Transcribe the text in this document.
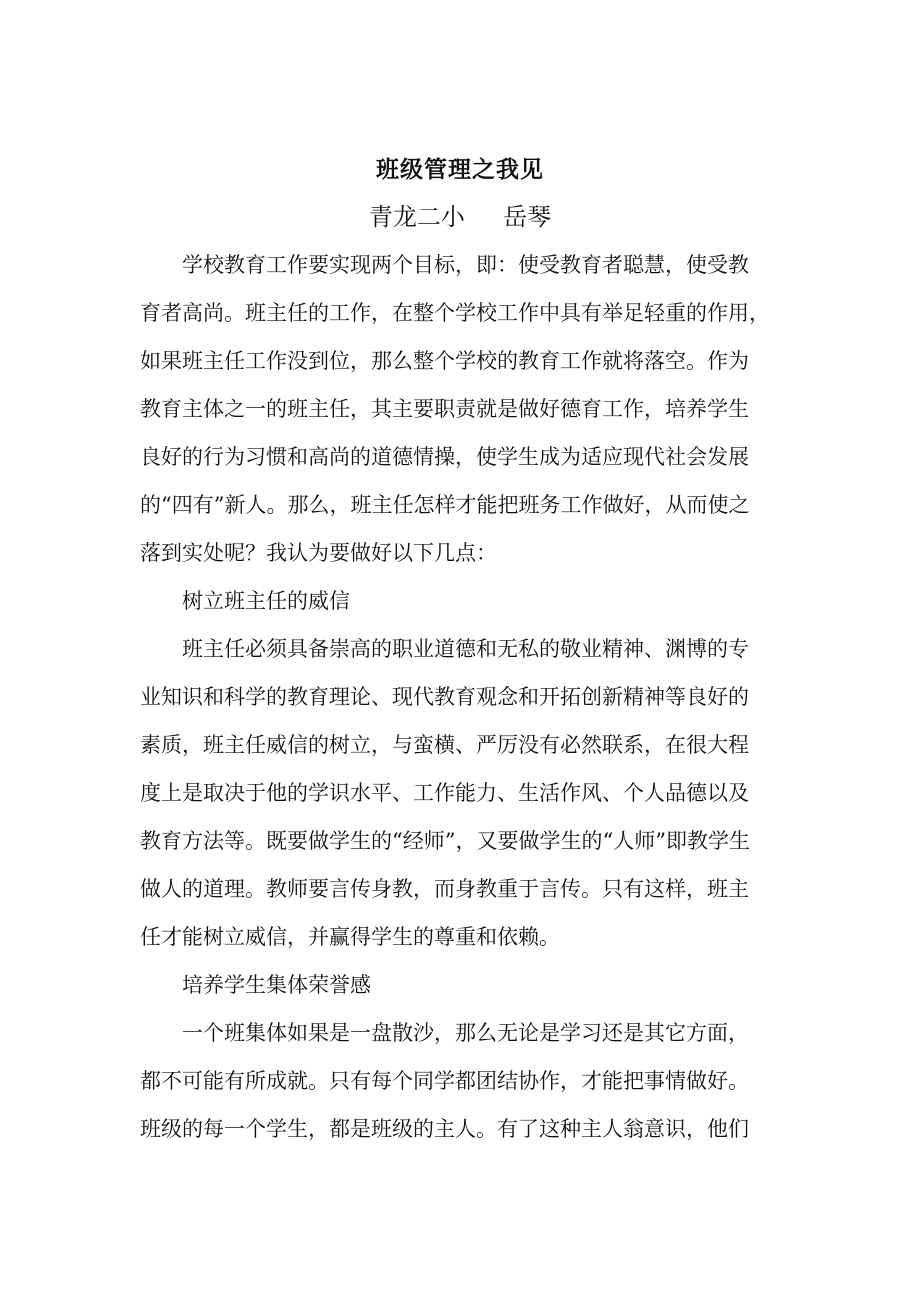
班级管理之我见
青龙二小     岳琴
学校教育工作要实现两个目标，即：使受教育者聪慧，使受教
育者高尚。班主任的工作，在整个学校工作中具有举足轻重的作用，
如果班主任工作没到位，那么整个学校的教育工作就将落空。作为
教育主体之一的班主任，其主要职责就是做好德育工作，培养学生
良好的行为习惯和高尚的道德情操，使学生成为适应现代社会发展
的“四有”新人。那么，班主任怎样才能把班务工作做好，从而使之
落到实处呢？我认为要做好以下几点：
树立班主任的威信
班主任必须具备崇高的职业道德和无私的敬业精神、渊博的专
业知识和科学的教育理论、现代教育观念和开拓创新精神等良好的
素质，班主任威信的树立，与蛮横、严厉没有必然联系，在很大程
度上是取决于他的学识水平、工作能力、生活作风、个人品德以及
教育方法等。既要做学生的“经师”，又要做学生的“人师”即教学生
做人的道理。教师要言传身教，而身教重于言传。只有这样，班主
任才能树立威信，并赢得学生的尊重和依赖。
培养学生集体荣誉感
一个班集体如果是一盘散沙，那么无论是学习还是其它方面，
都不可能有所成就。只有每个同学都团结协作，才能把事情做好。
班级的每一个学生，都是班级的主人。有了这种主人翁意识，他们
